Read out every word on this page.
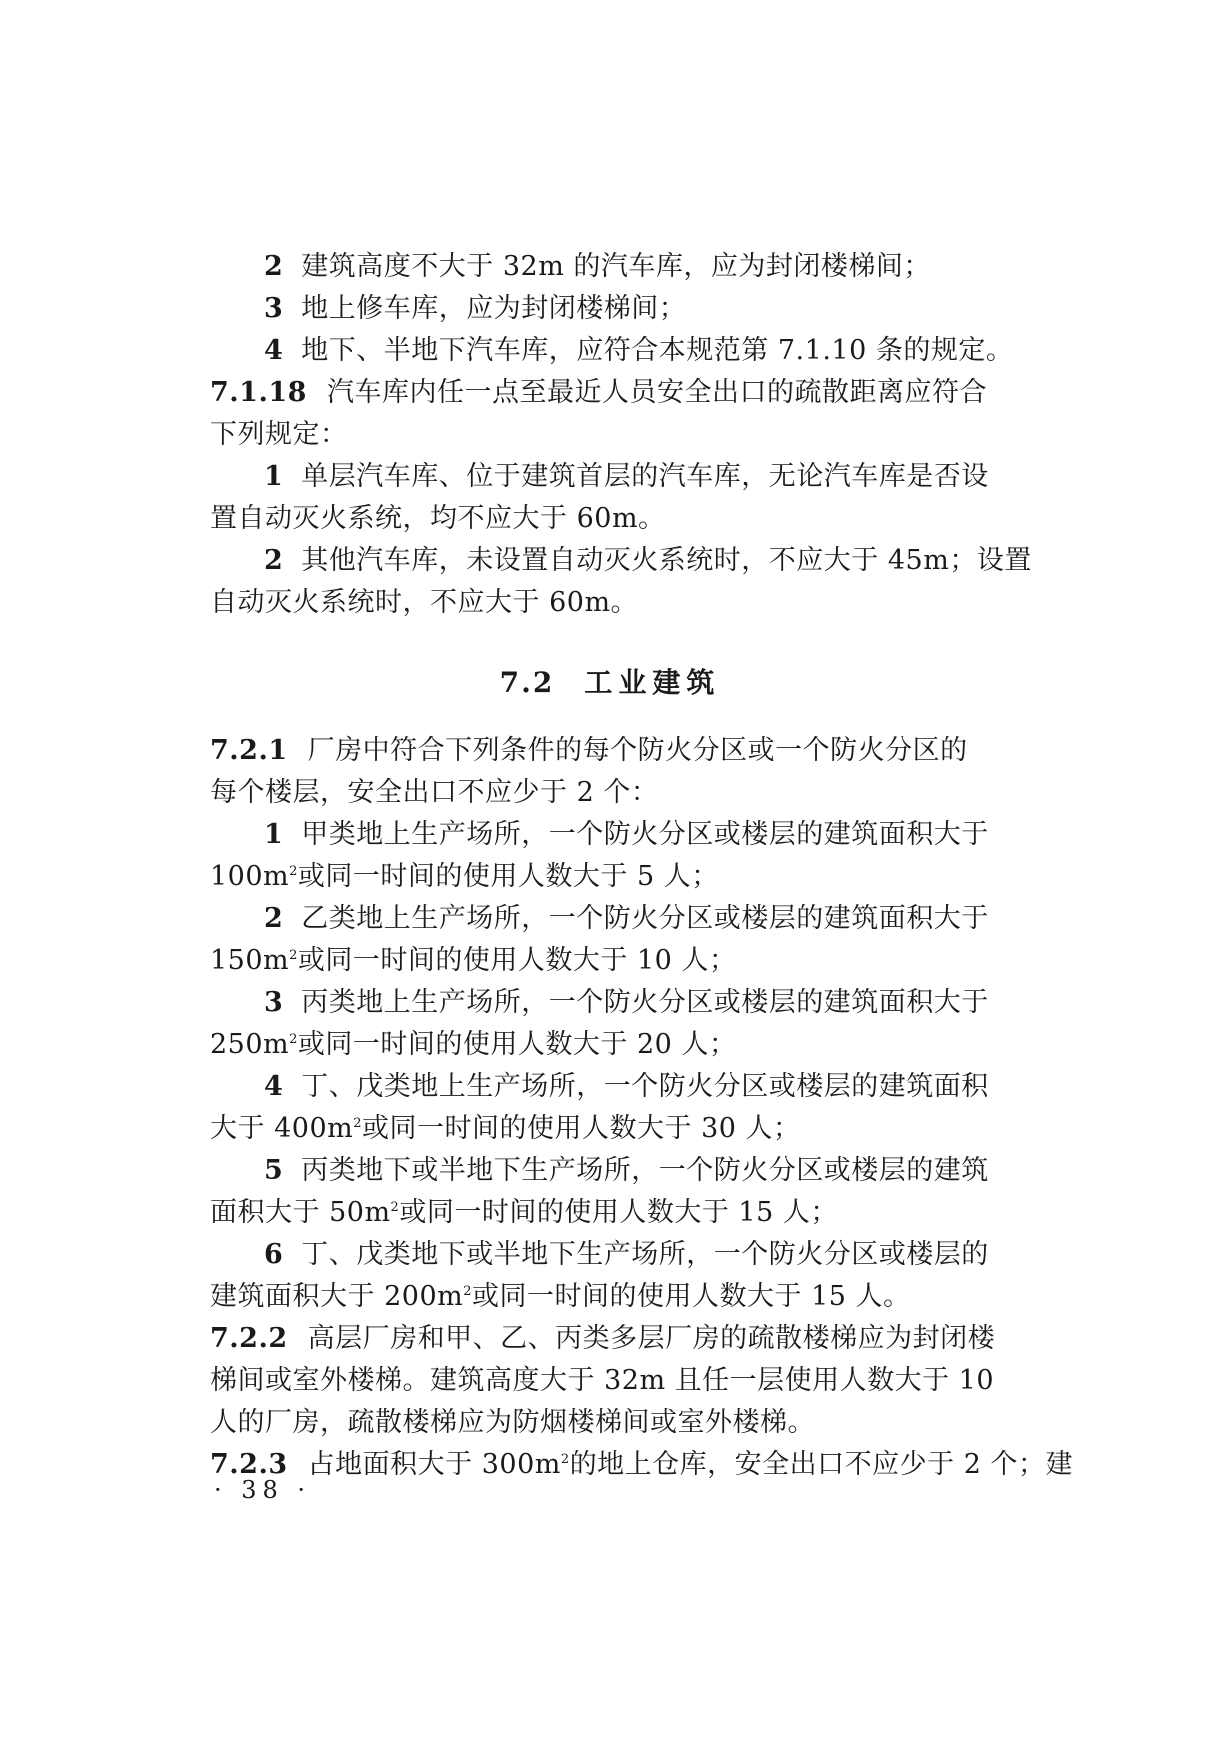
2 建筑高度不大于 32m 的汽车库，应为封闭楼梯间；

3 地上修车库，应为封闭楼梯间；

4 地下、半地下汽车库，应符合本规范第 7.1.10 条的规定。

7.1.18 汽车库内任一点至最近人员安全出口的疏散距离应符合

下列规定：

1 单层汽车库、位于建筑首层的汽车库，无论汽车库是否设

置自动灭火系统，均不应大于 60m。

2 其他汽车库，未设置自动灭火系统时，不应大于 45m；设置

自动灭火系统时，不应大于 60m。

7.2 工业建筑

7.2.1 厂房中符合下列条件的每个防火分区或一个防火分区的

每个楼层，安全出口不应少于 2 个：

1 甲类地上生产场所，一个防火分区或楼层的建筑面积大于

$100m^2$或同一时间的使用人数大于 5 人；

2 乙类地上生产场所，一个防火分区或楼层的建筑面积大于

$150m^2$或同一时间的使用人数大于 10 人；

3 丙类地上生产场所，一个防火分区或楼层的建筑面积大于

$250m^2$或同一时间的使用人数大于 20 人；

4 丁、戊类地上生产场所，一个防火分区或楼层的建筑面积

大于 $400m^2$或同一时间的使用人数大于 30 人；

5 丙类地下或半地下生产场所，一个防火分区或楼层的建筑

面积大于 $50m^2$或同一时间的使用人数大于 15 人；

6 丁、戊类地下或半地下生产场所，一个防火分区或楼层的

建筑面积大于 $200m^2$或同一时间的使用人数大于 15 人。

7.2.2 高层厂房和甲、乙、丙类多层厂房的疏散楼梯应为封闭楼

梯间或室外楼梯。建筑高度大于 32m 且任一层使用人数大于 10

人的厂房，疏散楼梯应为防烟楼梯间或室外楼梯。

7.2.3 占地面积大于 $300m^2$的地上仓库，安全出口不应少于 2 个；建

· 38 ·
